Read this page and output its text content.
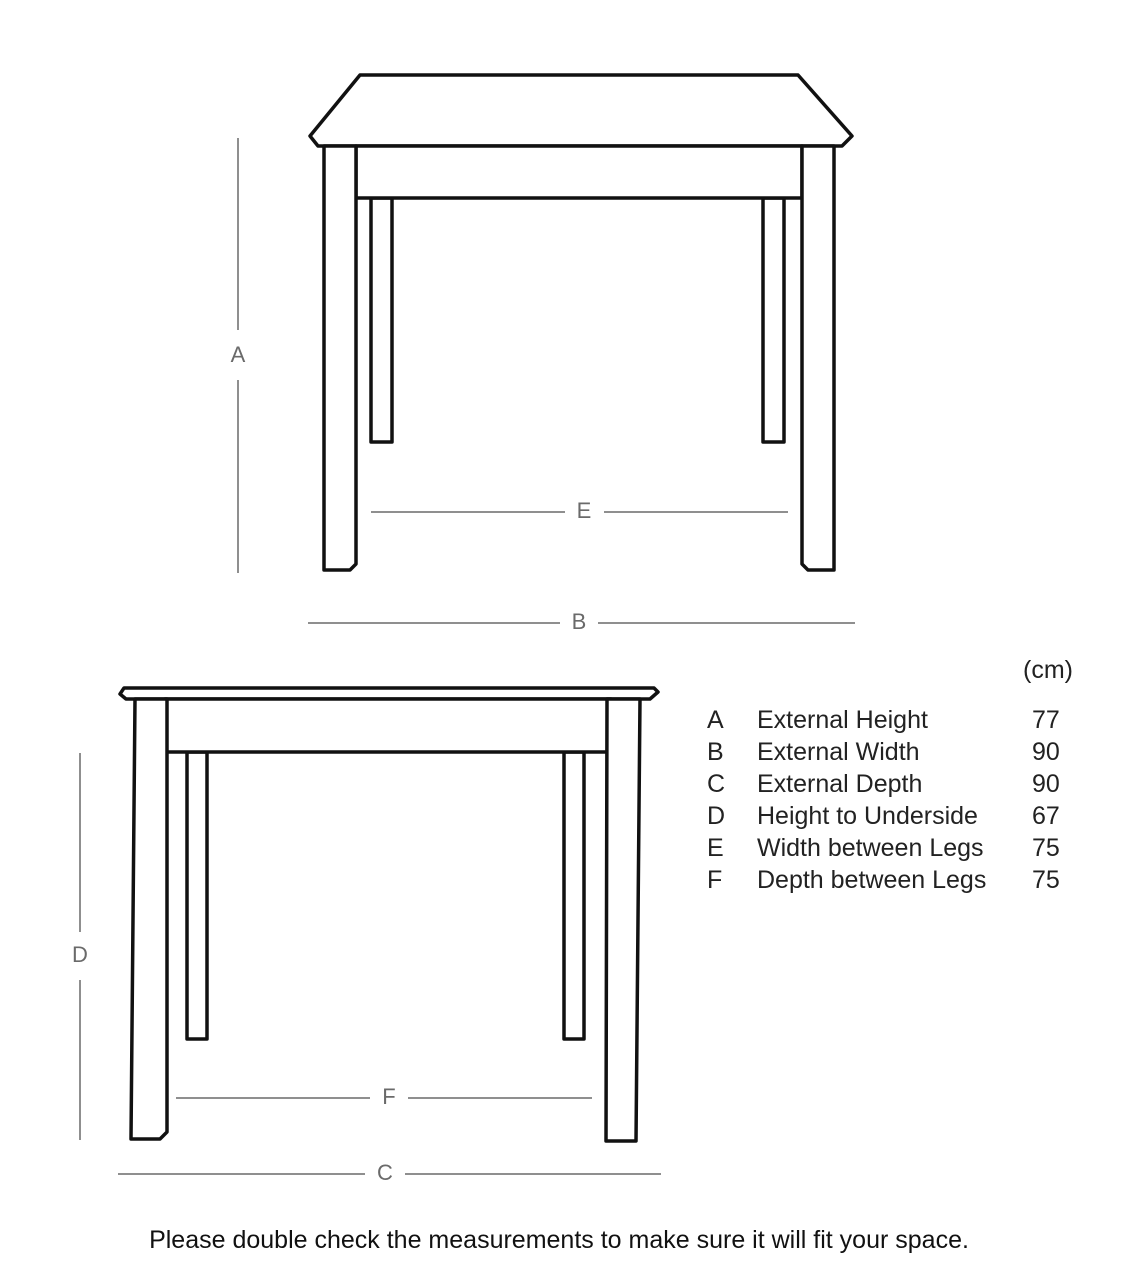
A
E
B
D
F
C
(cm)
A External Height	77
B External Width	90
C External Depth	90
D Height to Underside 67
E Width between Legs 75
F Depth between Legs 75
Please double check the measurements to make sure it will fit your space.
